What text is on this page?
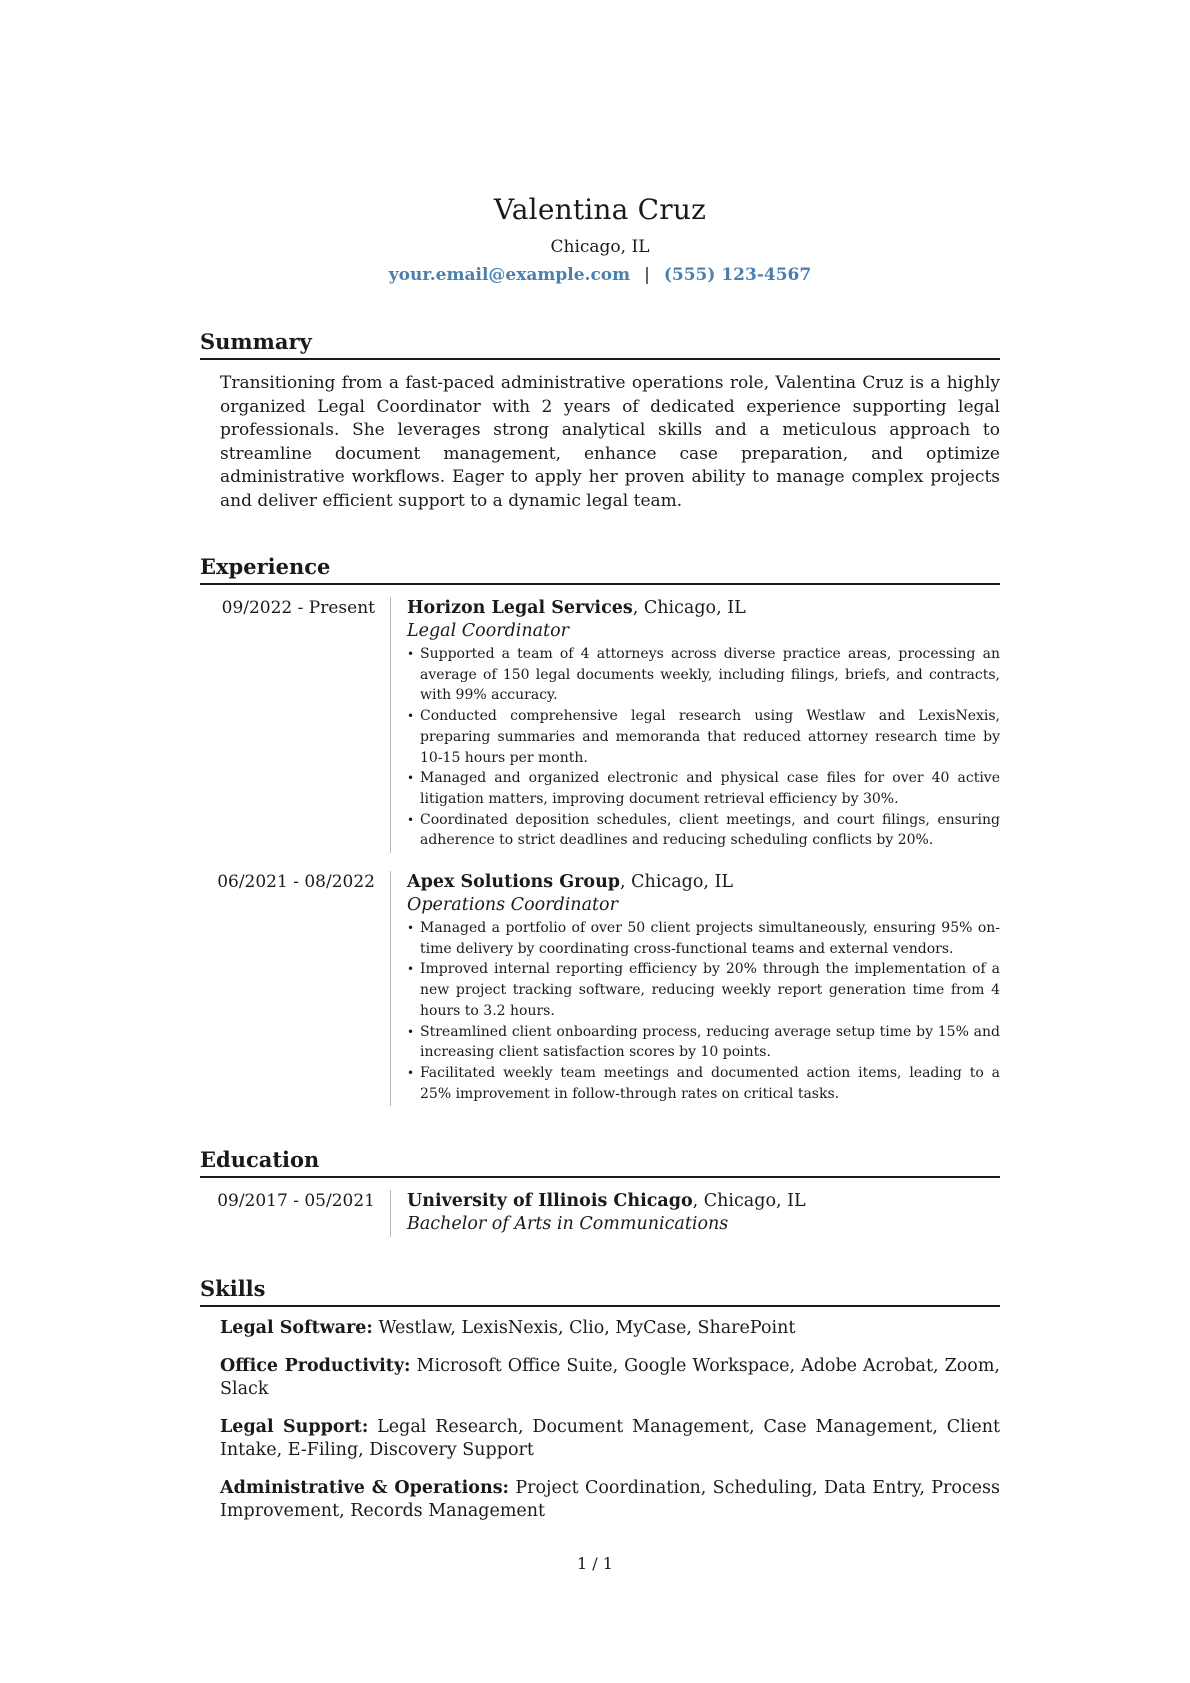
Valentina Cruz
Chicago, IL
your.email@example.com | (555) 123-4567
Summary

Transitioning from a fast-paced administrative operations role, Valentina Cruz is a highly organized Legal Coordinator with 2 years of dedicated experience supporting legal professionals. She leverages strong analytical skills and a meticulous approach to streamline document management, enhance case preparation, and optimize administrative workflows. Eager to apply her proven ability to manage complex projects and deliver efficient support to a dynamic legal team.

Experience
09/2022 - Present	Horizon Legal Services, Chicago, IL
Legal Coordinator
• Supported a team of 4 attorneys across diverse practice areas, processing an average of 150 legal documents weekly, including filings, briefs, and contracts, with 99% accuracy.
• Conducted comprehensive legal research using Westlaw and LexisNexis, preparing summaries and memoranda that reduced attorney research time by 10-15 hours per month.
• Managed and organized electronic and physical case files for over 40 active litigation matters, improving document retrieval efficiency by 30%.
• Coordinated deposition schedules, client meetings, and court filings, ensuring adherence to strict deadlines and reducing scheduling conflicts by 20%.
06/2021 - 08/2022	Apex Solutions Group, Chicago, IL
Operations Coordinator
• Managed a portfolio of over 50 client projects simultaneously, ensuring 95% on-time delivery by coordinating cross-functional teams and external vendors.
• Improved internal reporting efficiency by 20% through the implementation of a new project tracking software, reducing weekly report generation time from 4 hours to 3.2 hours.
• Streamlined client onboarding process, reducing average setup time by 15% and increasing client satisfaction scores by 10 points.
• Facilitated weekly team meetings and documented action items, leading to a 25% improvement in follow-through rates on critical tasks.
Education
09/2017 - 05/2021	University of Illinois Chicago, Chicago, IL
Bachelor of Arts in Communications
Skills
Legal Software: Westlaw, LexisNexis, Clio, MyCase, SharePoint
Office Productivity: Microsoft Office Suite, Google Workspace, Adobe Acrobat, Zoom, Slack
Legal Support: Legal Research, Document Management, Case Management, Client Intake, E-Filing, Discovery Support
Administrative & Operations: Project Coordination, Scheduling, Data Entry, Process Improvement, Records Management
1 / 1
